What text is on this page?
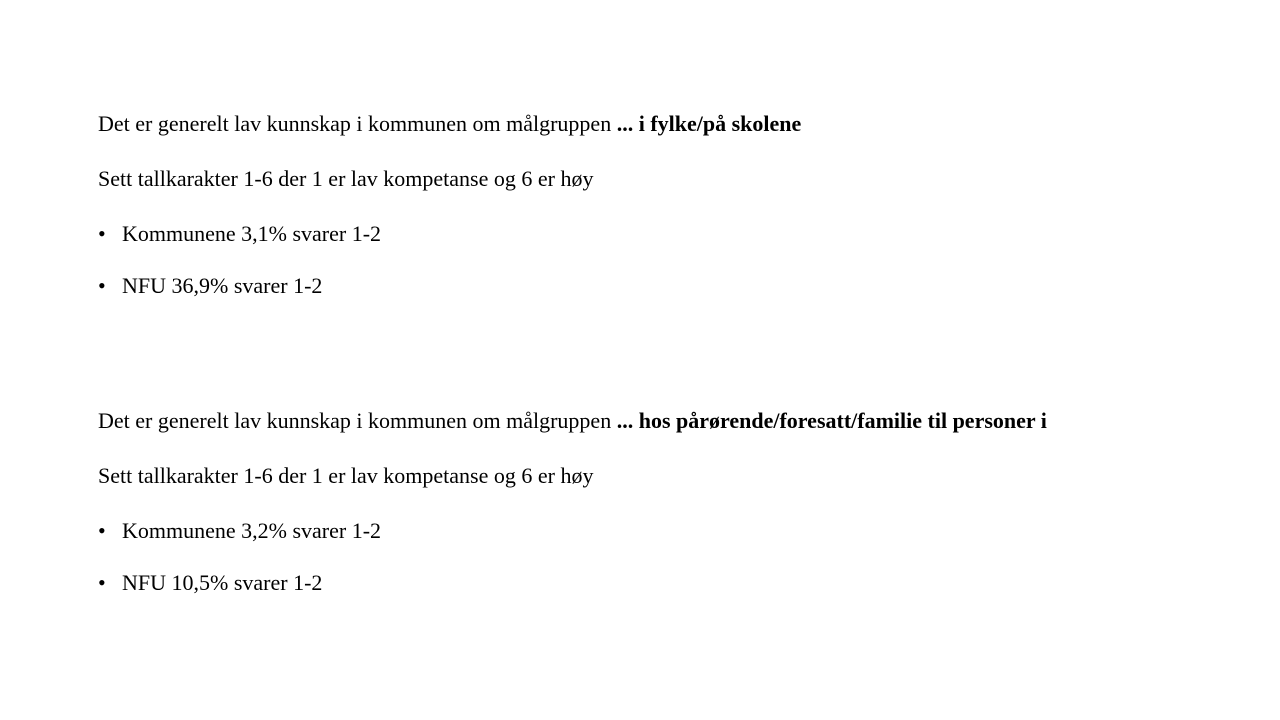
Det er generelt lav kunnskap i kommunen om målgruppen ... i fylke/på skolene

Sett tallkarakter 1-6 der 1 er lav kompetanse og 6 er høy

• Kommunene 3,1% svarer 1-2

• NFU 36,9% svarer 1-2

Det er generelt lav kunnskap i kommunen om målgruppen ... hos pårørende/foresatt/familie til personer i

Sett tallkarakter 1-6 der 1 er lav kompetanse og 6 er høy

• Kommunene 3,2% svarer 1-2

• NFU 10,5% svarer 1-2
